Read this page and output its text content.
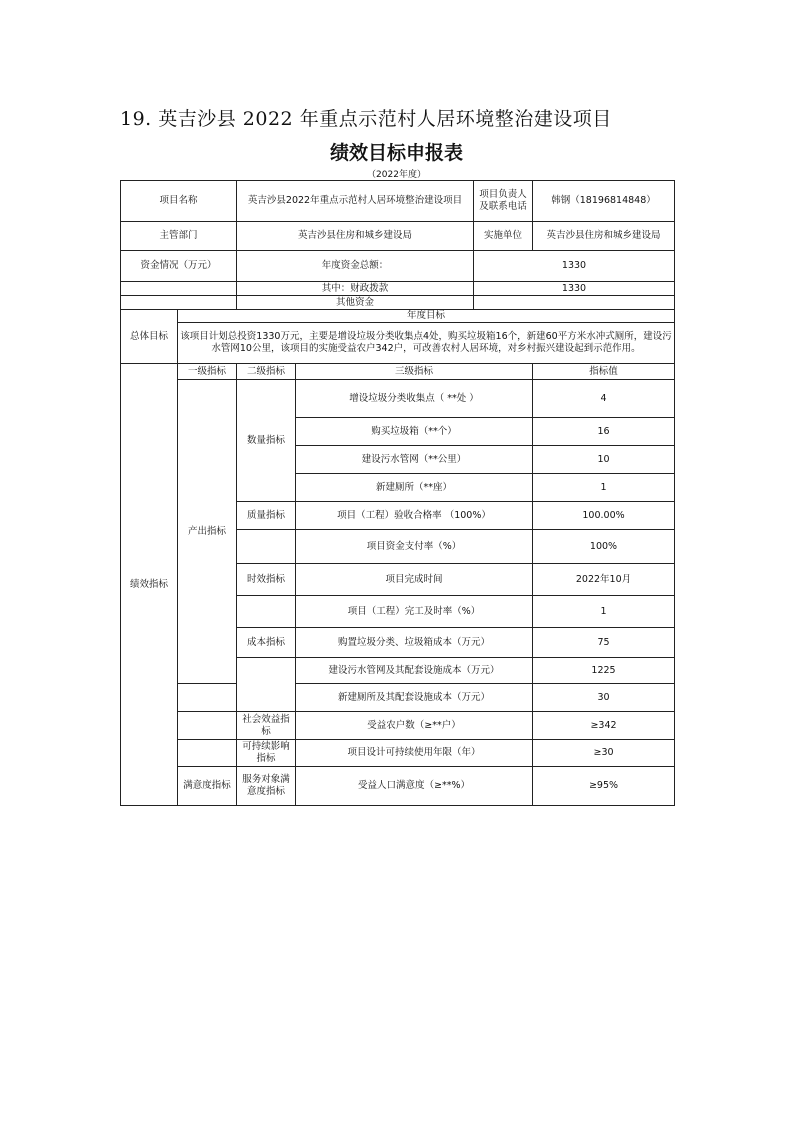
19. 英吉沙县 2022 年重点示范村人居环境整治建设项目
绩效目标申报表
（2022年度）
项目名称		英吉沙县2022年重点示范村人居环境整治建设项目		项目负责人及联系电话	韩钢（18196814848）
主管部门		英吉沙县住房和城乡建设局		实施单位	英吉沙县住房和城乡建设局
资金情况（万元）		年度资金总额：		1330	
		其中：财政拨款		1330	
		其他资金			
总体目标	年度目标				
	该项目计划总投资1330万元，主要是增设垃圾分类收集点4处，购买垃圾箱16个，新建60平方米水冲式厕所，建设污水管网10公里，该项目的实施受益农户342户，可改善农村人居环境，对乡村振兴建设起到示范作用。				
绩效指标	一级指标	二级指标	三级指标		指标值
	产出指标	数量指标	增设垃圾分类收集点（ **处 ）		4
			购买垃圾箱（**个）		16
			建设污水管网（**公里）		10
			新建厕所（**座）		1
		质量指标	项目（工程）验收合格率 （100%）		100.00%
			项目资金支付率（%）		100%
		时效指标	项目完成时间		2022年10月
			项目（工程）完工及时率（%）		1
		成本指标	购置垃圾分类、垃圾箱成本（万元）		75
			建设污水管网及其配套设施成本（万元）		1225
			新建厕所及其配套设施成本（万元）		30
		社会效益指标	受益农户数（≥**户）		≥342
		可持续影响指标	项目设计可持续使用年限（年）		≥30
	满意度指标	服务对象满意度指标	受益人口满意度（≥**%）		≥95%
